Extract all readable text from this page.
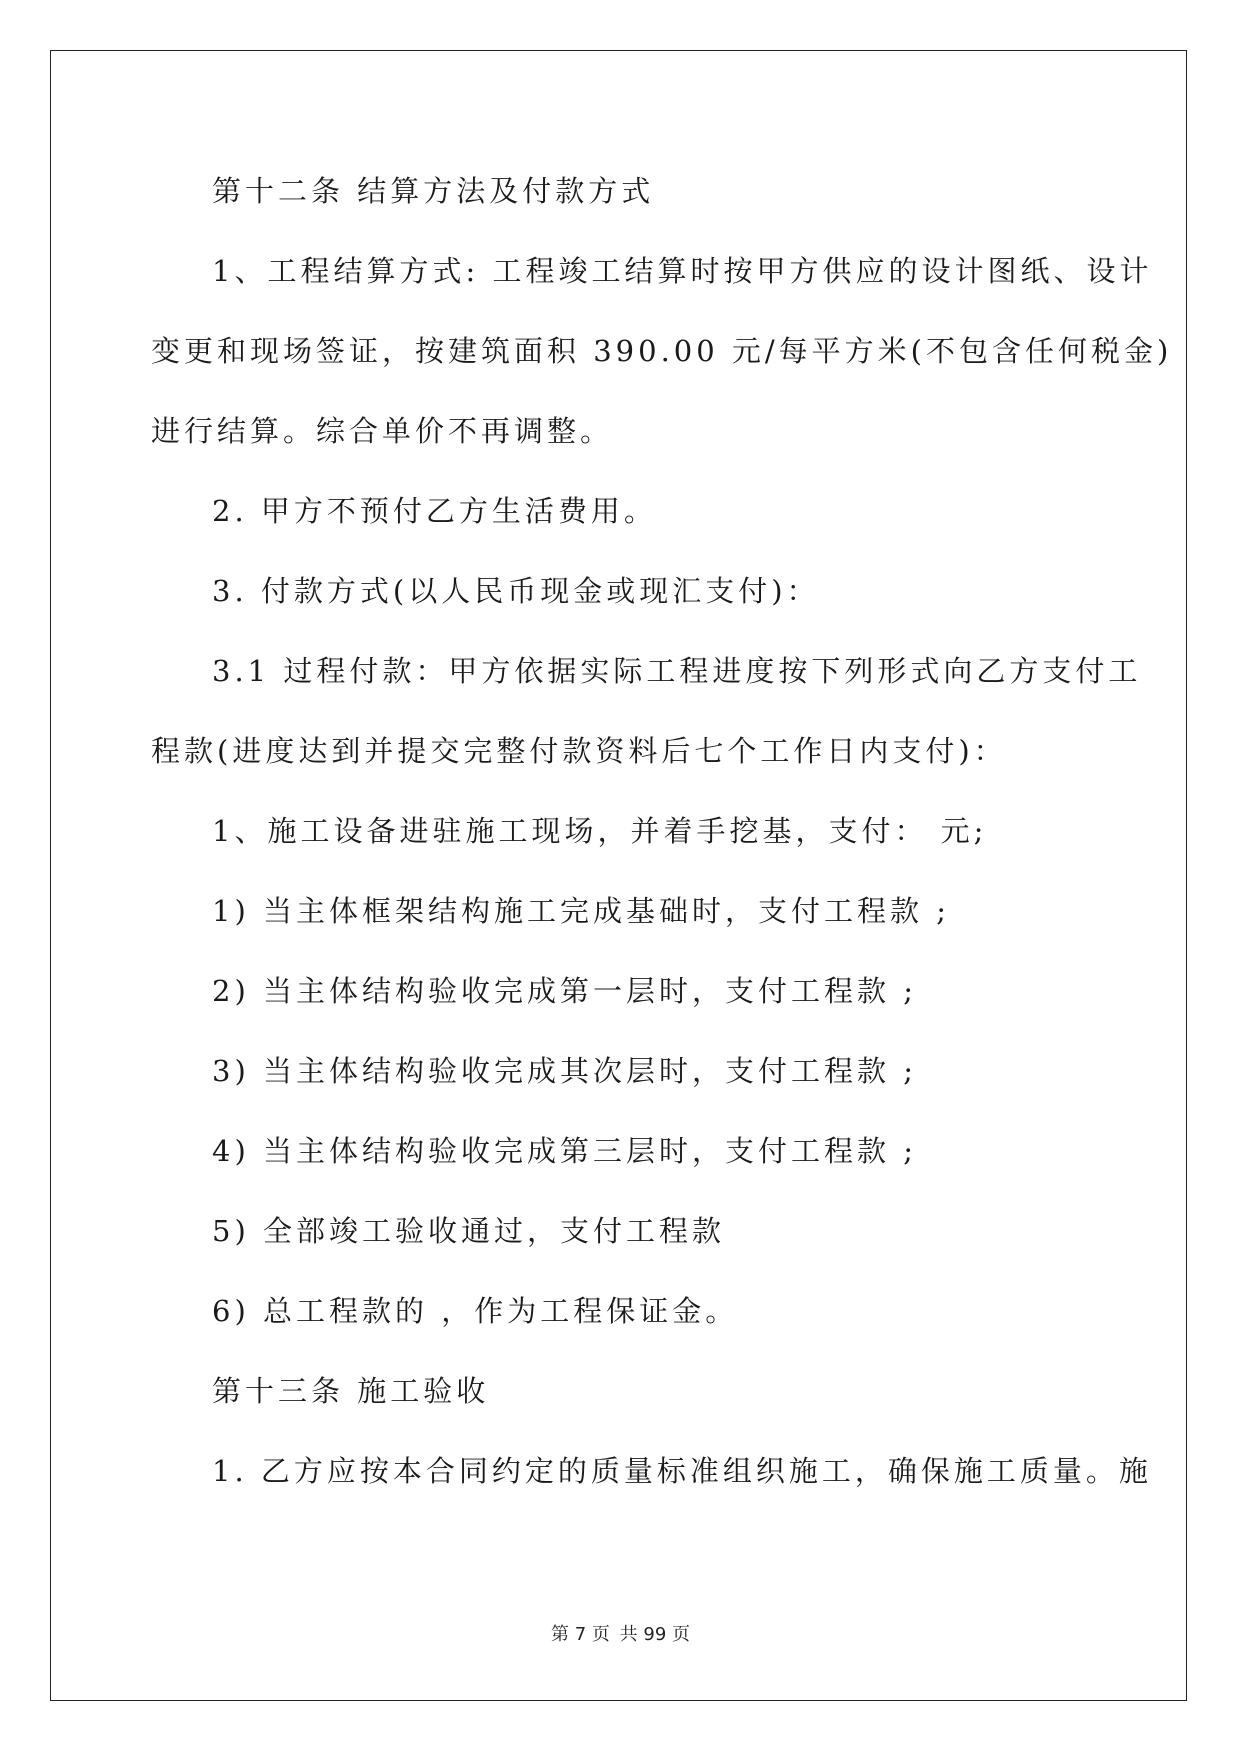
第十二条 结算方法及付款方式
1、工程结算方式: 工程竣工结算时按甲方供应的设计图纸、设计
变更和现场签证，按建筑面积 390.00 元/每平方米(不包含任何税金)
进行结算。综合单价不再调整。
2. 甲方不预付乙方生活费用。
3. 付款方式(以人民币现金或现汇支付)：
3.1 过程付款：甲方依据实际工程进度按下列形式向乙方支付工
程款(进度达到并提交完整付款资料后七个工作日内支付)：
1、施工设备进驻施工现场，并着手挖基，支付： 元;
1) 当主体框架结构施工完成基础时，支付工程款 ;
2) 当主体结构验收完成第一层时，支付工程款 ;
3) 当主体结构验收完成其次层时，支付工程款 ;
4) 当主体结构验收完成第三层时，支付工程款 ;
5) 全部竣工验收通过，支付工程款
6) 总工程款的 ，作为工程保证金。
第十三条 施工验收
1. 乙方应按本合同约定的质量标准组织施工，确保施工质量。施
第 7 页 共 99 页
